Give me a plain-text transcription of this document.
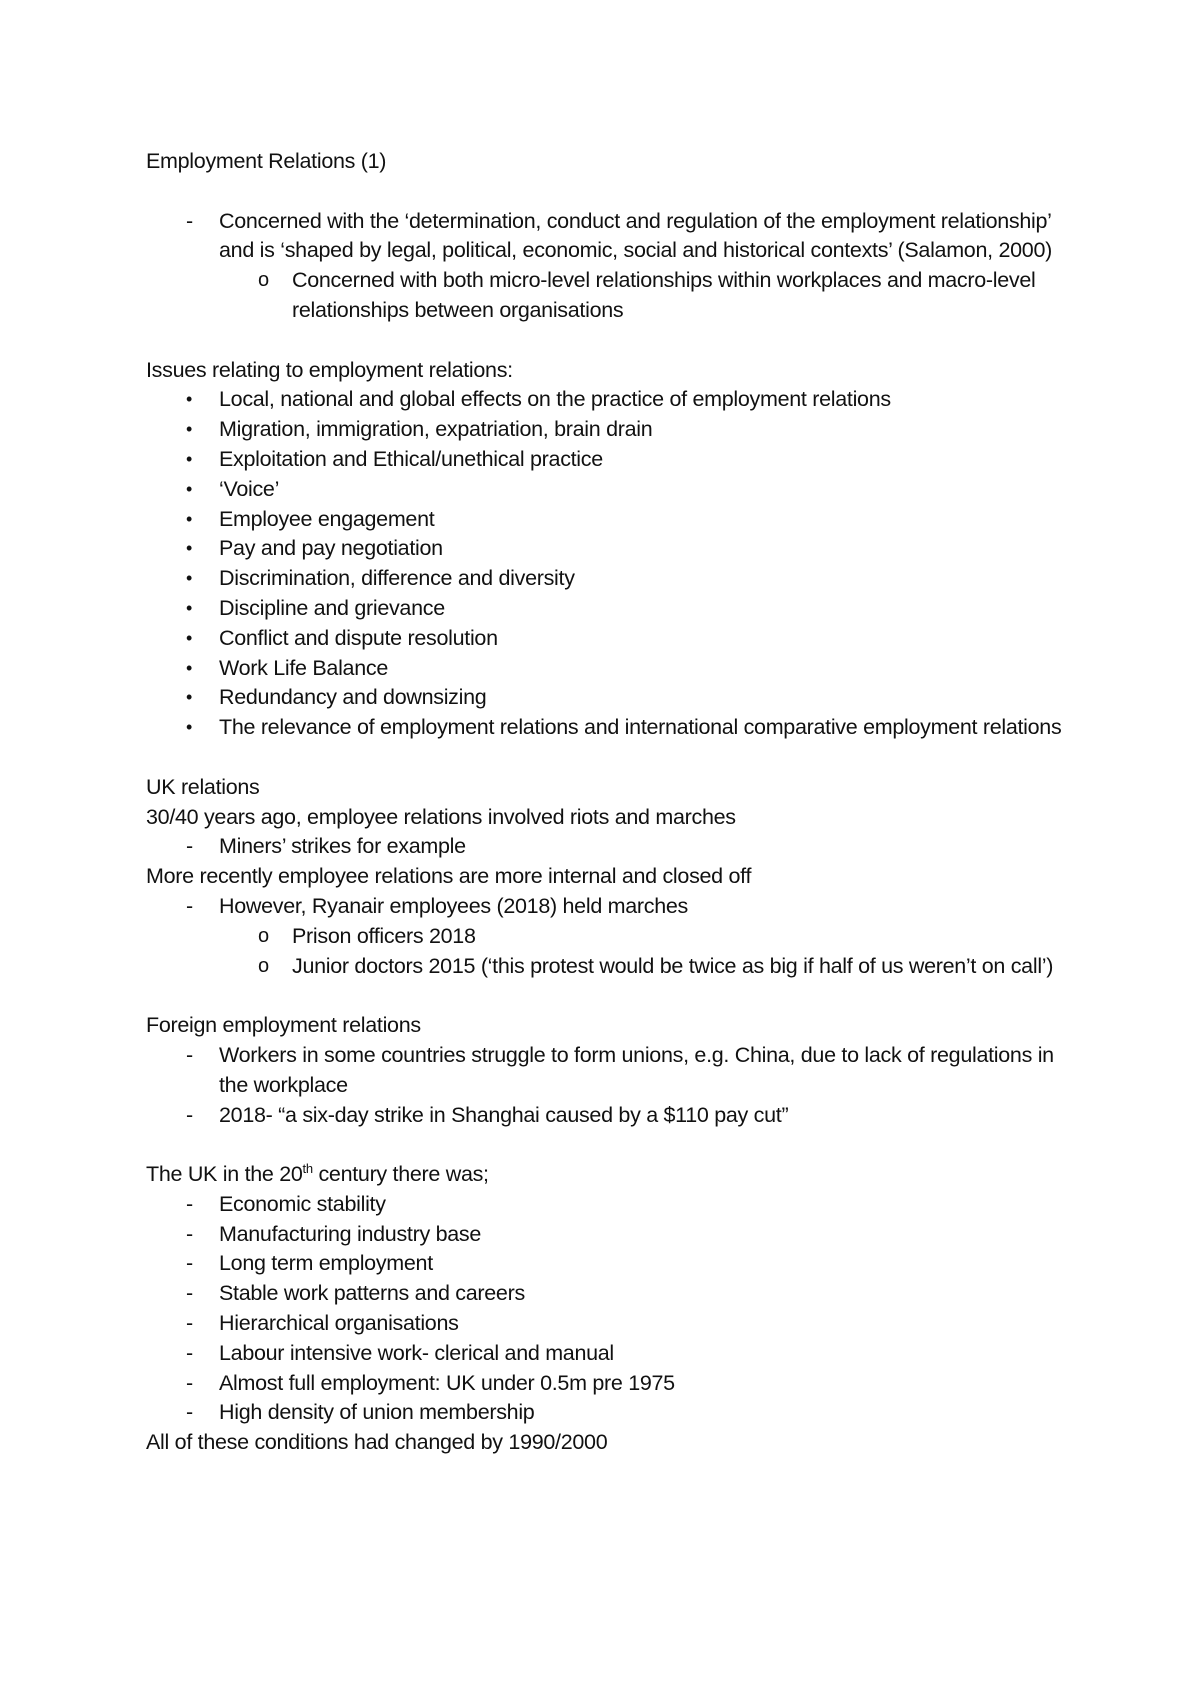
Employment Relations (1)

-	Concerned with the ‘determination, conduct and regulation of the employment relationship’ and is ‘shaped by legal, political, economic, social and historical contexts’ (Salamon, 2000)
o	Concerned with both micro-level relationships within workplaces and macro-level relationships between organisations

Issues relating to employment relations:

•	Local, national and global effects on the practice of employment relations
•	Migration, immigration, expatriation, brain drain
•	Exploitation and Ethical/unethical practice
•	‘Voice’
•	Employee engagement
•	Pay and pay negotiation
•	Discrimination, difference and diversity
•	Discipline and grievance
•	Conflict and dispute resolution
•	Work Life Balance
•	Redundancy and downsizing
•	The relevance of employment relations and international comparative employment relations

UK relations

30/40 years ago, employee relations involved riots and marches

-	Miners’ strikes for example

More recently employee relations are more internal and closed off

-	However, Ryanair employees (2018) held marches
o	Prison officers 2018
o	Junior doctors 2015 (‘this protest would be twice as big if half of us weren’t on call’)

Foreign employment relations

-	Workers in some countries struggle to form unions, e.g. China, due to lack of regulations in the workplace
-	2018- “a six-day strike in Shanghai caused by a $110 pay cut”

The UK in the 20th century there was;

-	Economic stability
-	Manufacturing industry base
-	Long term employment
-	Stable work patterns and careers
-	Hierarchical organisations
-	Labour intensive work- clerical and manual
-	Almost full employment: UK under 0.5m pre 1975
-	High density of union membership

All of these conditions had changed by 1990/2000
